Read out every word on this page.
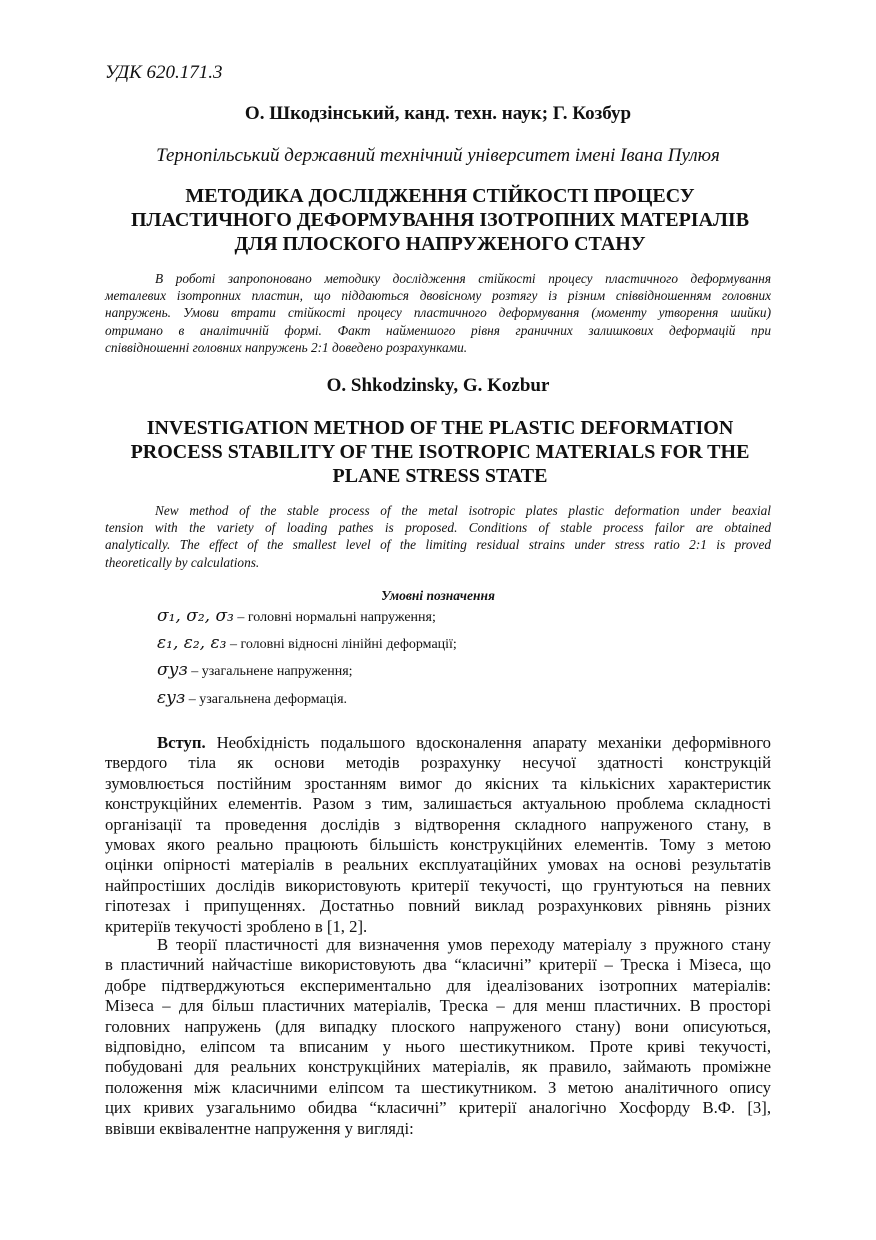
УДК 620.171.3
О. Шкодзінський, канд. техн. наук; Г. Козбур
Тернопільський державний технічний університет імені Івана Пулюя
МЕТОДИКА ДОСЛІДЖЕННЯ СТІЙКОСТІ ПРОЦЕСУ
ПЛАСТИЧНОГО ДЕФОРМУВАННЯ ІЗОТРОПНИХ МАТЕРІАЛІВ
ДЛЯ ПЛОСКОГО НАПРУЖЕНОГО СТАНУ
В роботі запропоновано методику дослідження стійкості процесу пластичного деформування
металевих ізотропних пластин, що піддаються двовісному розтягу із різним співвідношенням головних
напружень. Умови втрати стійкості процесу пластичного деформування (моменту утворення шийки)
отримано в аналітичній формі. Факт найменшого рівня граничних залишкових деформацій при
співвідношенні головних напружень 2:1 доведено розрахунками.
O. Shkodzinsky, G. Kozbur
INVESTIGATION METHOD OF THE PLASTIC DEFORMATION
PROCESS STABILITY OF THE ISOTROPIC MATERIALS FOR THE
PLANE STRESS STATE
New method of the stable process of the metal isotropic plates plastic deformation under beaxial
tension with the variety of loading pathes is proposed. Conditions of stable process failor are obtained
analytically. The effect of the smallest level of the limiting residual strains under stress ratio 2:1 is proved
theoretically by calculations.
Умовні позначення
σ₁, σ₂, σ₃ – головні нормальні напруження;
ε₁, ε₂, ε₃ – головні відносні лінійні деформації;
σуз – узагальнене напруження;
εуз – узагальнена деформація.
Вступ. Необхідність подальшого вдосконалення апарату механіки деформівного
твердого тіла як основи методів розрахунку несучої здатності конструкцій
зумовлюється постійним зростанням вимог до якісних та кількісних характеристик
конструкційних елементів. Разом з тим, залишається актуальною проблема складності
організації та проведення дослідів з відтворення складного напруженого стану, в
умовах якого реально працюють більшість конструкційних елементів. Тому з метою
оцінки опірності матеріалів в реальних експлуатаційних умовах на основі результатів
найпростіших дослідів використовують критерії текучості, що грунтуються на певних
гіпотезах і припущеннях. Достатньо повний виклад розрахункових рівнянь різних
критеріїв текучості зроблено в [1, 2].
В теорії пластичності для визначення умов переходу матеріалу з пружного стану
в пластичний найчастіше використовують два “класичні” критерії – Треска і Мізеса, що
добре підтверджуються експериментально для ідеалізованих ізотропних матеріалів:
Мізеса – для більш пластичних матеріалів, Треска – для менш пластичних. В просторі
головних напружень (для випадку плоского напруженого стану) вони описуються,
відповідно, еліпсом та вписаним у нього шестикутником. Проте криві текучості,
побудовані для реальних конструкційних матеріалів, як правило, займають проміжне
положення між класичними еліпсом та шестикутником. З метою аналітичного опису
цих кривих узагальнимо обидва “класичні” критерії аналогічно Хосфорду В.Ф. [3],
ввівши еквівалентне напруження у вигляді:
